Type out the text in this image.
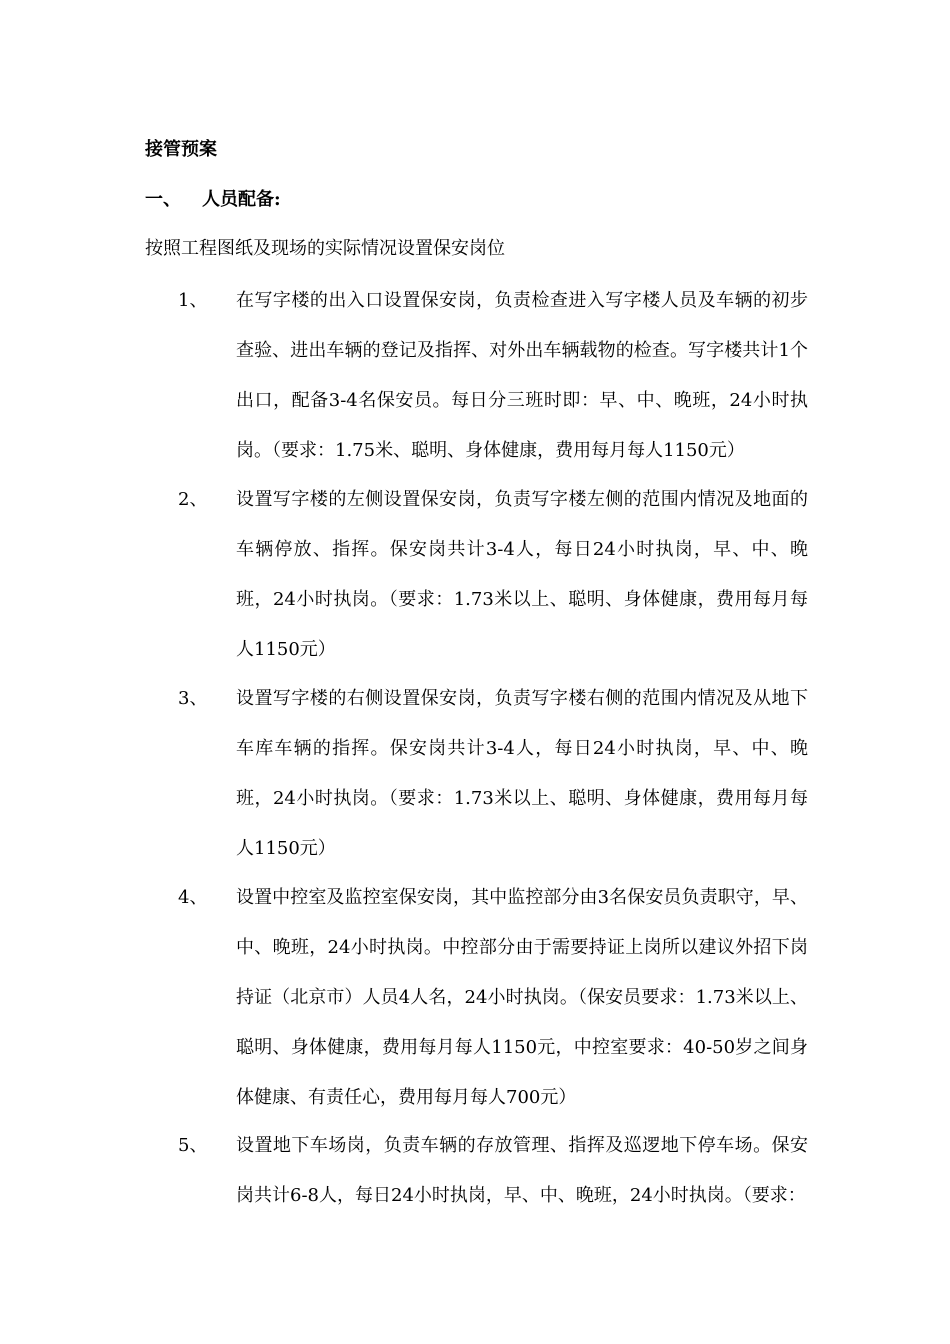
接管预案
一、 人员配备:
按照工程图纸及现场的实际情况设置保安岗位
1、 在写字楼的出入口设置保安岗，负责检查进入写字楼人员及车辆的初步查验、进出车辆的登记及指挥、对外出车辆载物的检查。写字楼共计1个出口，配备3-4名保安员。每日分三班时即：早、中、晚班，24小时执岗。（要求：1.75米、聪明、身体健康，费用每月每人1150元）
2、 设置写字楼的左侧设置保安岗，负责写字楼左侧的范围内情况及地面的车辆停放、指挥。保安岗共计3-4人，每日24小时执岗，早、中、晚班，24小时执岗。（要求：1.73米以上、聪明、身体健康，费用每月每人1150元）
3、 设置写字楼的右侧设置保安岗，负责写字楼右侧的范围内情况及从地下车库车辆的指挥。保安岗共计3-4人，每日24小时执岗，早、中、晚班，24小时执岗。（要求：1.73米以上、聪明、身体健康，费用每月每人1150元）
4、 设置中控室及监控室保安岗，其中监控部分由3名保安员负责职守，早、中、晚班，24小时执岗。中控部分由于需要持证上岗所以建议外招下岗持证（北京市）人员4人名，24小时执岗。（保安员要求：1.73米以上、聪明、身体健康，费用每月每人1150元，中控室要求：40-50岁之间身体健康、有责任心，费用每月每人700元）
5、 设置地下车场岗，负责车辆的存放管理、指挥及巡逻地下停车场。保安岗共计6-8人，每日24小时执岗，早、中、晚班，24小时执岗。（要求：
